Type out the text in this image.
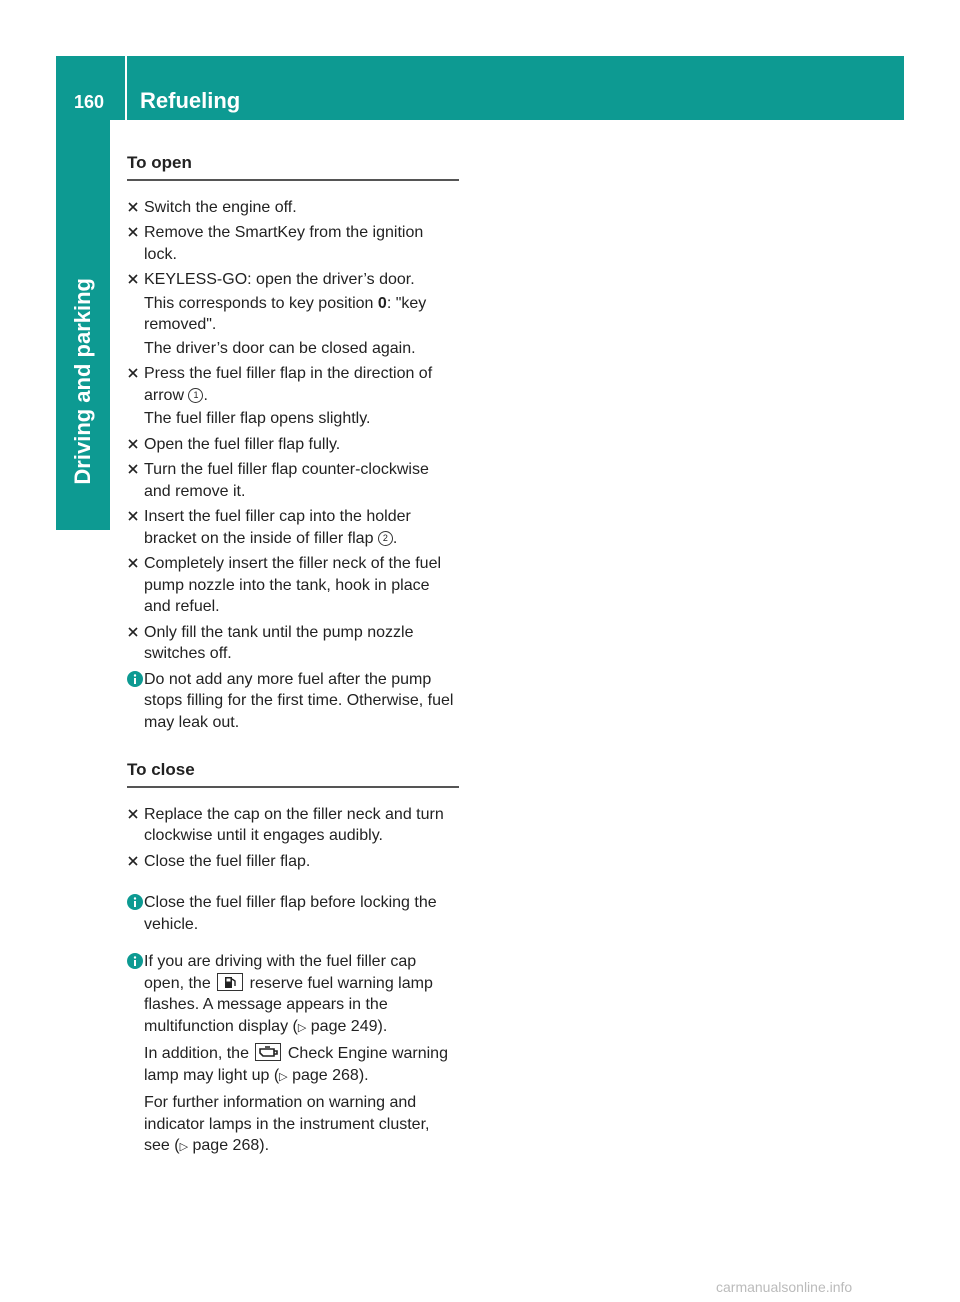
160	Refueling
Driving and parking
To open
Switch the engine off.
Remove the SmartKey from the ignition lock.
KEYLESS-GO: open the driver’s door.
This corresponds to key position 0: "key removed".
The driver’s door can be closed again.
Press the fuel filler flap in the direction of arrow 1 .
The fuel filler flap opens slightly.
Open the fuel filler flap fully.
Turn the fuel filler flap counter-clockwise and remove it.
Insert the fuel filler cap into the holder bracket on the inside of filler flap 2 .
Completely insert the filler neck of the fuel pump nozzle into the tank, hook in place and refuel.
Only fill the tank until the pump nozzle switches off.

Do not add any more fuel after the pump stops filling for the first time. Otherwise, fuel may leak out.

To close
Replace the cap on the filler neck and turn clockwise until it engages audibly.
Close the fuel filler flap.

Close the fuel filler flap before locking the vehicle.

If you are driving with the fuel filler cap open, the reserve fuel warning lamp flashes. A message appears in the multifunction display (▷ page 249).

In addition, the Check Engine warning lamp may light up (▷ page 268).

For further information on warning and indicator lamps in the instrument cluster, see (▷ page 268).

carmanualsonline.info
